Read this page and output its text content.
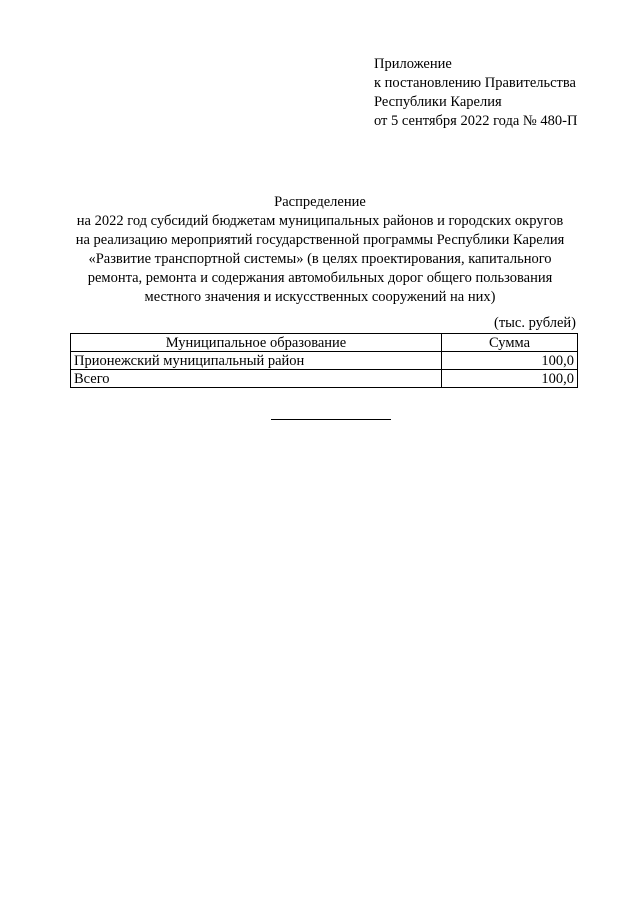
Приложение
к постановлению Правительства
Республики Карелия
от 5 сентября 2022 года № 480-П
Распределение
на 2022 год субсидий бюджетам муниципальных районов и городских округов
на реализацию мероприятий государственной программы Республики Карелия
«Развитие транспортной системы» (в целях проектирования, капитального
ремонта, ремонта и содержания автомобильных дорог общего пользования
местного значения и искусственных сооружений на них)
(тыс. рублей)
Муниципальное образование	Сумма
Прионежский муниципальный район	100,0
Всего	100,0
